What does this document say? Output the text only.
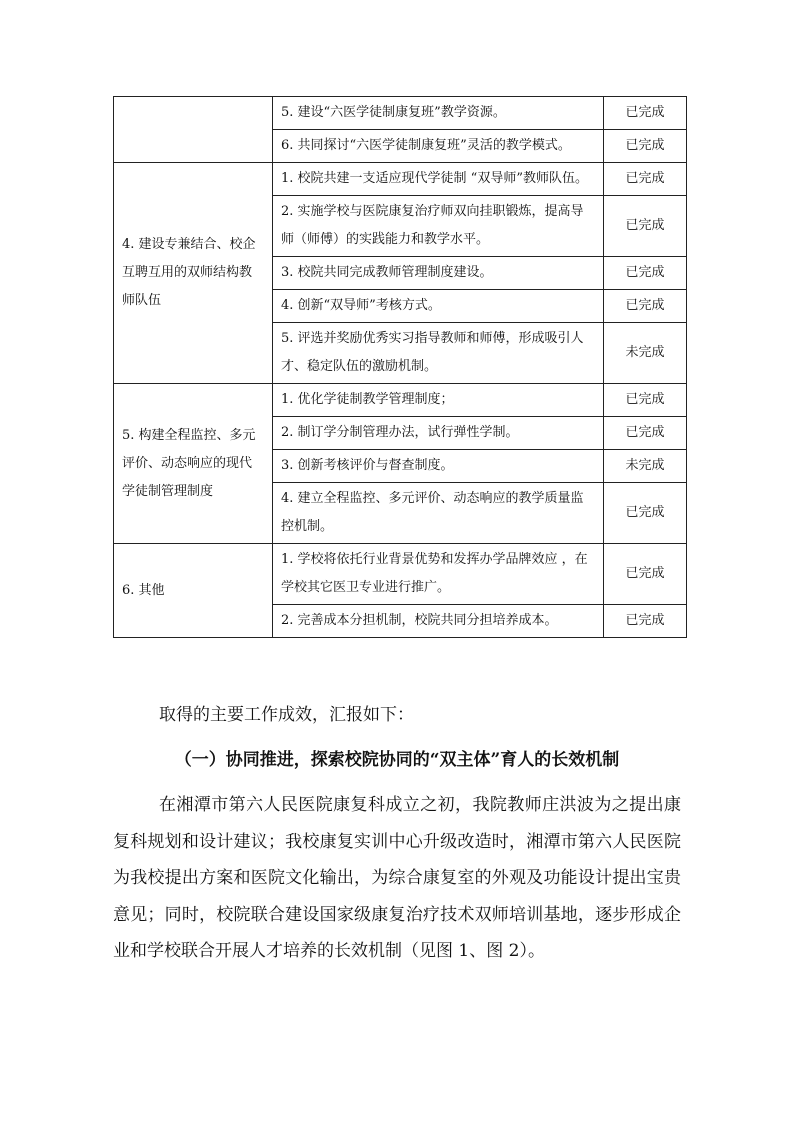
	5. 建设“六医学徒制康复班”教学资源。	已完成
	6. 共同探讨“六医学徒制康复班”灵活的教学模式。	已完成
4. 建设专兼结合、校企互聘互用的双师结构教师队伍	1. 校院共建一支适应现代学徒制 “双导师”教师队伍。	已完成
	2. 实施学校与医院康复治疗师双向挂职锻炼，提高导师（师傅）的实践能力和教学水平。	已完成
	3. 校院共同完成教师管理制度建设。	已完成
	4. 创新“双导师”考核方式。	已完成
	5. 评选并奖励优秀实习指导教师和师傅，形成吸引人才、稳定队伍的激励机制。	未完成
5. 构建全程监控、多元评价、动态响应的现代学徒制管理制度	1. 优化学徒制教学管理制度；	已完成
	2. 制订学分制管理办法，试行弹性学制。	已完成
	3. 创新考核评价与督查制度。	未完成
	4. 建立全程监控、多元评价、动态响应的教学质量监控机制。	已完成
6. 其他	1. 学校将依托行业背景优势和发挥办学品牌效应 ，在学校其它医卫专业进行推广。	已完成
	2. 完善成本分担机制，校院共同分担培养成本。	已完成
取得的主要工作成效，汇报如下：
（一）协同推进，探索校院协同的“双主体”育人的长效机制
在湘潭市第六人民医院康复科成立之初，我院教师庄洪波为之提出康复科规划和设计建议；我校康复实训中心升级改造时，湘潭市第六人民医院为我校提出方案和医院文化输出，为综合康复室的外观及功能设计提出宝贵意见；同时，校院联合建设国家级康复治疗技术双师培训基地，逐步形成企业和学校联合开展人才培养的长效机制（见图 1、图 2）。
